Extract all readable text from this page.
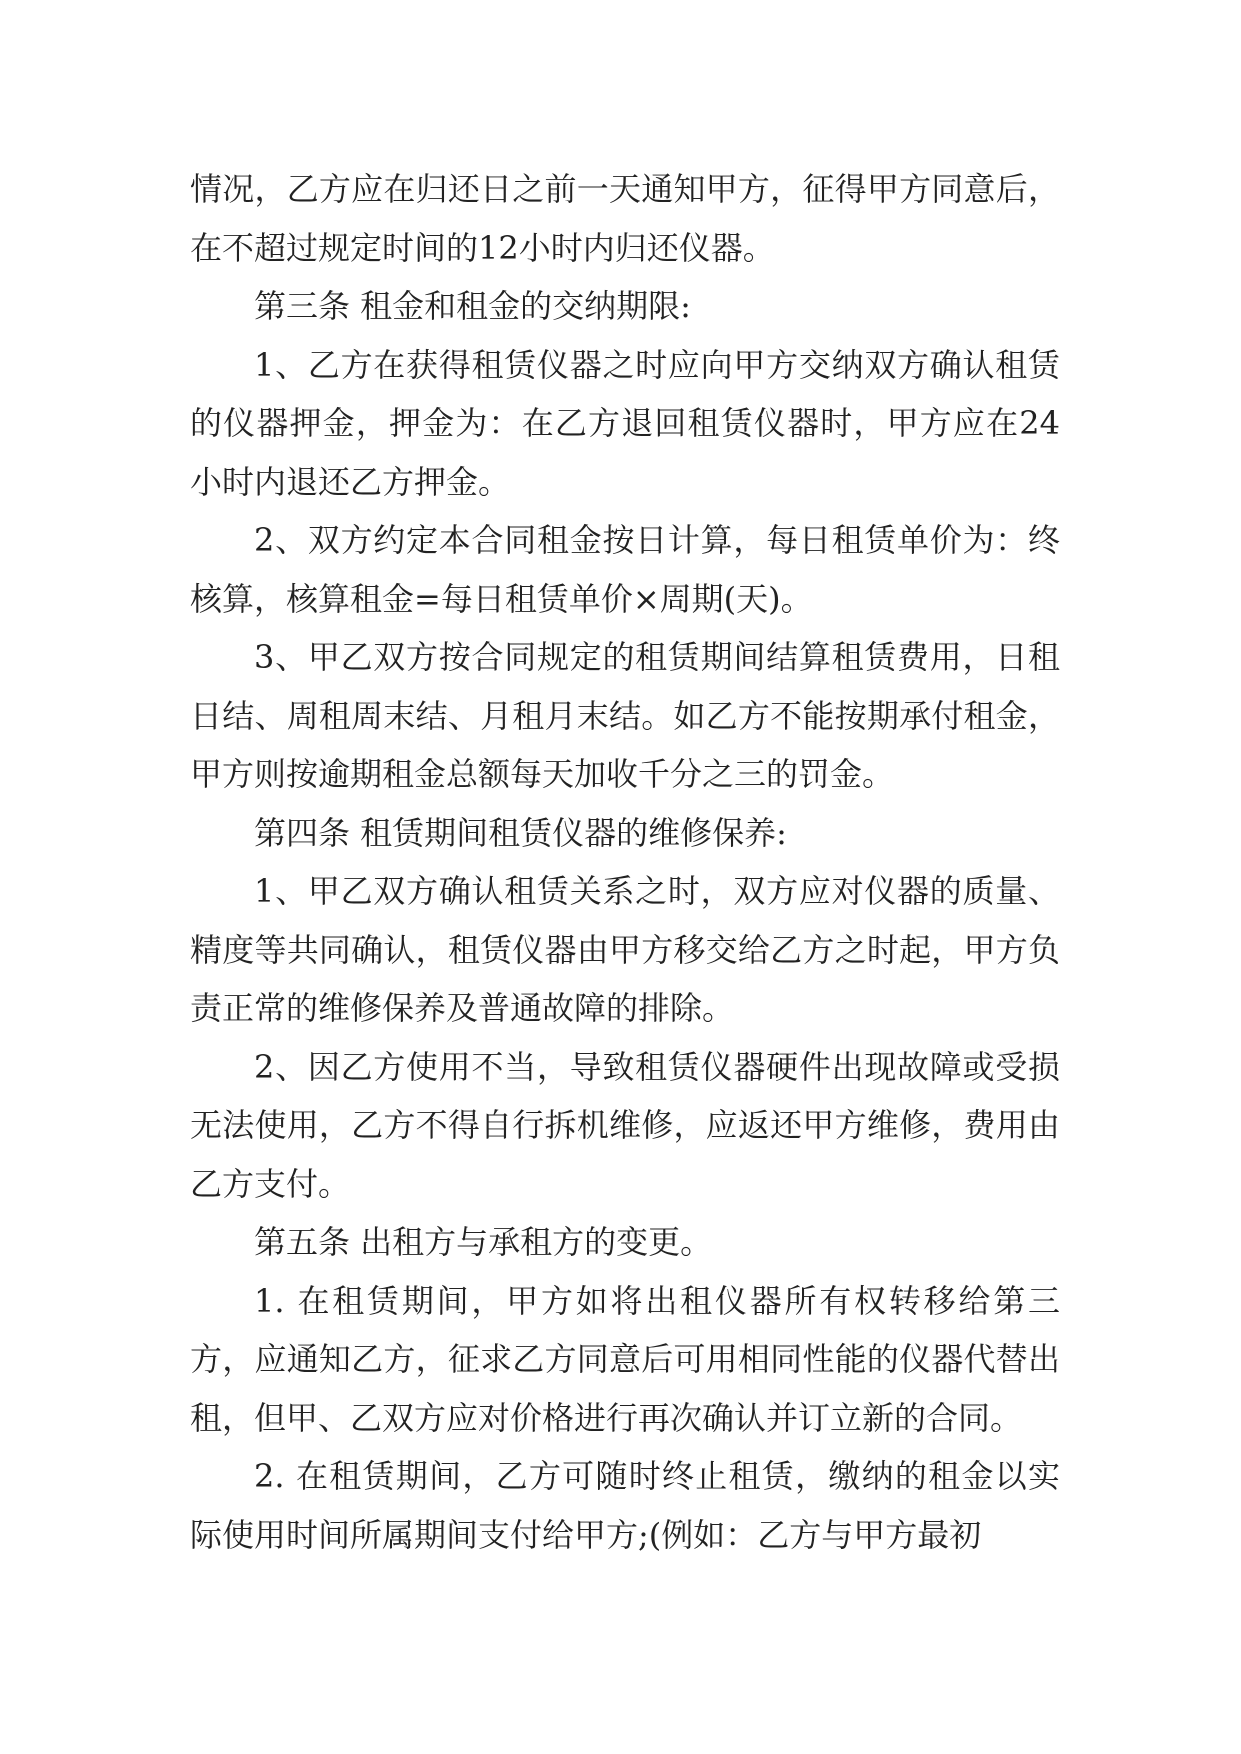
情况，乙方应在归还日之前一天通知甲方，征得甲方同意后，在不超过规定时间的12小时内归还仪器。

第三条 租金和租金的交纳期限:

1、乙方在获得租赁仪器之时应向甲方交纳双方确认租赁的仪器押金，押金为：在乙方退回租赁仪器时，甲方应在24小时内退还乙方押金。

2、双方约定本合同租金按日计算，每日租赁单价为：终核算，核算租金=每日租赁单价×周期(天)。

3、甲乙双方按合同规定的租赁期间结算租赁费用，日租日结、周租周末结、月租月末结。如乙方不能按期承付租金，甲方则按逾期租金总额每天加收千分之三的罚金。

第四条 租赁期间租赁仪器的维修保养:

1、甲乙双方确认租赁关系之时，双方应对仪器的质量、精度等共同确认，租赁仪器由甲方移交给乙方之时起，甲方负责正常的维修保养及普通故障的排除。

2、因乙方使用不当，导致租赁仪器硬件出现故障或受损无法使用，乙方不得自行拆机维修，应返还甲方维修，费用由乙方支付。

第五条 出租方与承租方的变更。

1. 在租赁期间，甲方如将出租仪器所有权转移给第三方，应通知乙方，征求乙方同意后可用相同性能的仪器代替出租，但甲、乙双方应对价格进行再次确认并订立新的合同。

2. 在租赁期间，乙方可随时终止租赁，缴纳的租金以实际使用时间所属期间支付给甲方;(例如：乙方与甲方最初
